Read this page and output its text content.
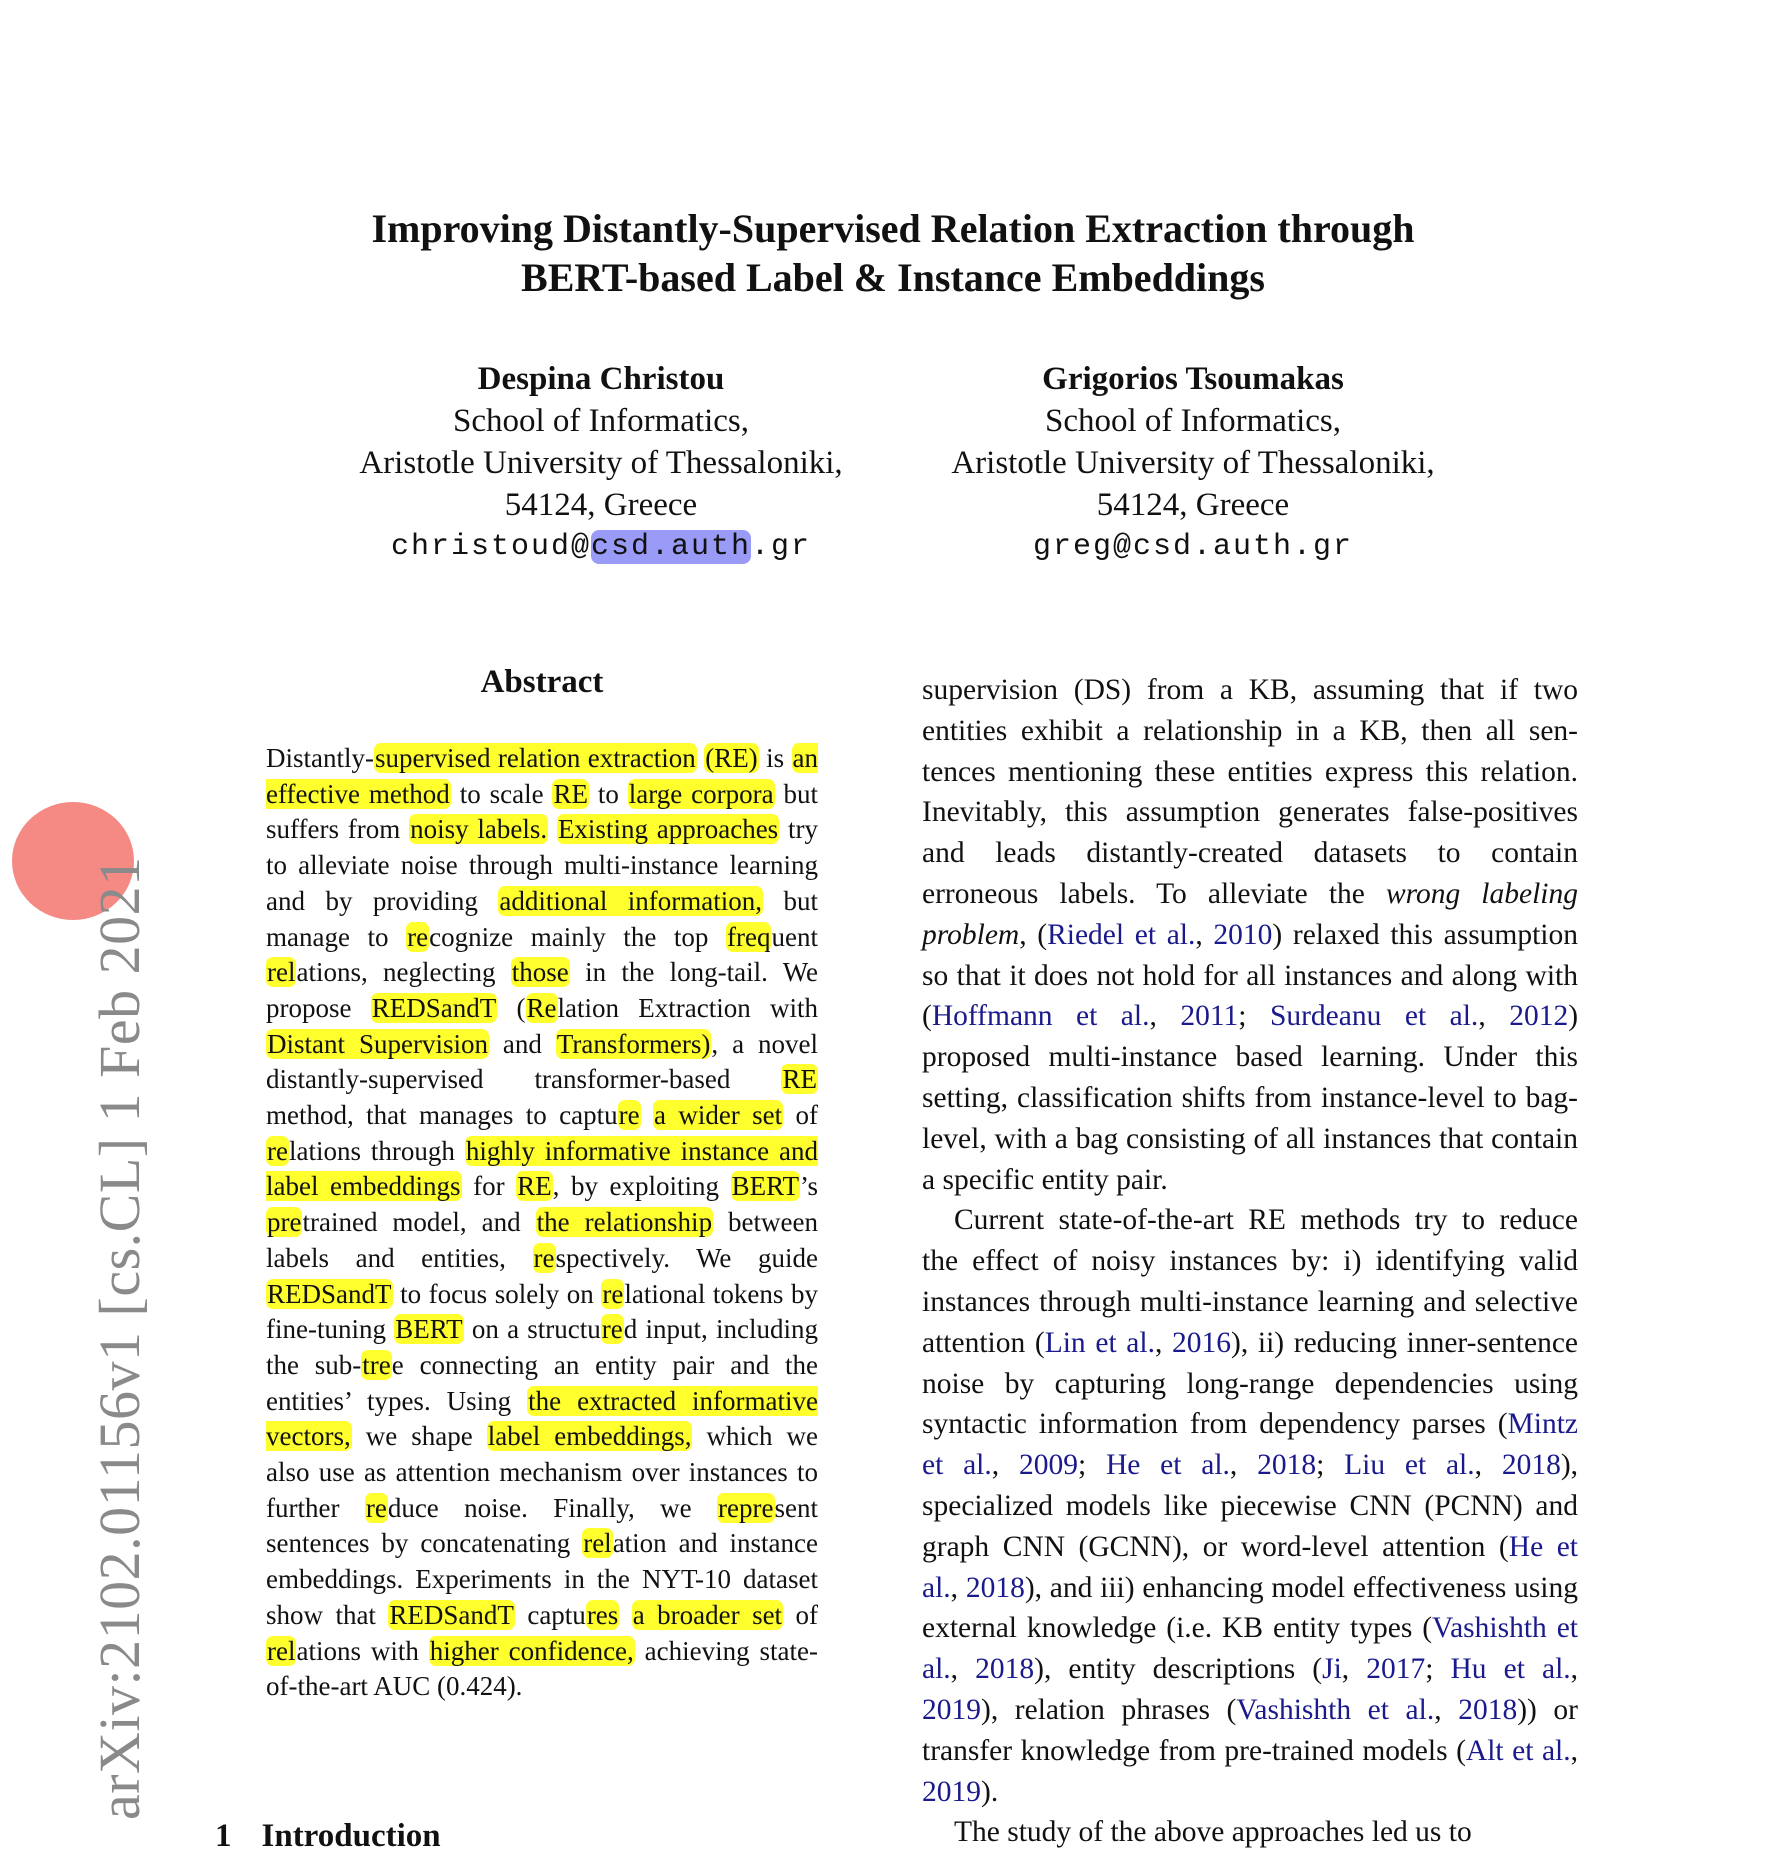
arXiv:2102.01156v1 [cs.CL] 1 Feb 2021
Improving Distantly-Supervised Relation Extraction through
BERT-based Label & Instance Embeddings
Despina Christou
School of Informatics,
Aristotle University of Thessaloniki,
54124, Greece
christoud@csd.auth.gr
Grigorios Tsoumakas
School of Informatics,
Aristotle University of Thessaloniki,
54124, Greece
greg@csd.auth.gr
Abstract

Distantly-supervised relation extraction (RE) is an effective method to scale RE to large corpora but suffers from noisy labels. Existing approaches try to alleviate noise through multi-instance learning and by providing additional information, but manage to recognize mainly the top frequent relations, neglecting those in the long-tail. We propose REDSandT (Relation Extraction with Distant Supervision and Transformers), a novel distantly-supervised transformer-based RE method, that manages to capture a wider set of relations through highly informative instance and label embeddings for RE, by exploiting BERT’s pretrained model, and the relationship between labels and entities, respectively. We guide REDSandT to focus solely on relational tokens by fine-tuning BERT on a structured input, including the sub-tree connecting an entity pair and the entities’ types. Using the extracted informative vectors, we shape label embeddings, which we also use as attention mechanism over instances to further reduce noise. Finally, we represent sentences by concatenating relation and instance embeddings. Experiments in the NYT-10 dataset show that REDSandT captures a broader set of relations with higher confidence, achieving state-of-the-art AUC (0.424).

supervision (DS) from a KB, assuming that if two entities exhibit a relationship in a KB, then all sentences mentioning these entities express this relation. Inevitably, this assumption generates false-positives and leads distantly-created datasets to contain erroneous labels. To alleviate the wrong labeling problem, (Riedel et al., 2010) relaxed this assumption so that it does not hold for all instances and along with (Hoffmann et al., 2011; Surdeanu et al., 2012) proposed multi-instance based learning. Under this setting, classification shifts from instance-level to bag-level, with a bag consisting of all instances that contain a specific entity pair.

Current state-of-the-art RE methods try to reduce the effect of noisy instances by: i) identifying valid instances through multi-instance learning and selective attention (Lin et al., 2016), ii) reducing inner-sentence noise by capturing long-range dependencies using syntactic information from dependency parses (Mintz et al., 2009; He et al., 2018; Liu et al., 2018), specialized models like piecewise CNN (PCNN) and graph CNN (GCNN), or word-level attention (He et al., 2018), and iii) enhancing model effectiveness using external knowledge (i.e. KB entity types (Vashishth et al., 2018), entity descriptions (Ji, 2017; Hu et al., 2019), relation phrases (Vashishth et al., 2018)) or transfer knowledge from pre-trained models (Alt et al., 2019).

The study of the above approaches led us to

1 Introduction
